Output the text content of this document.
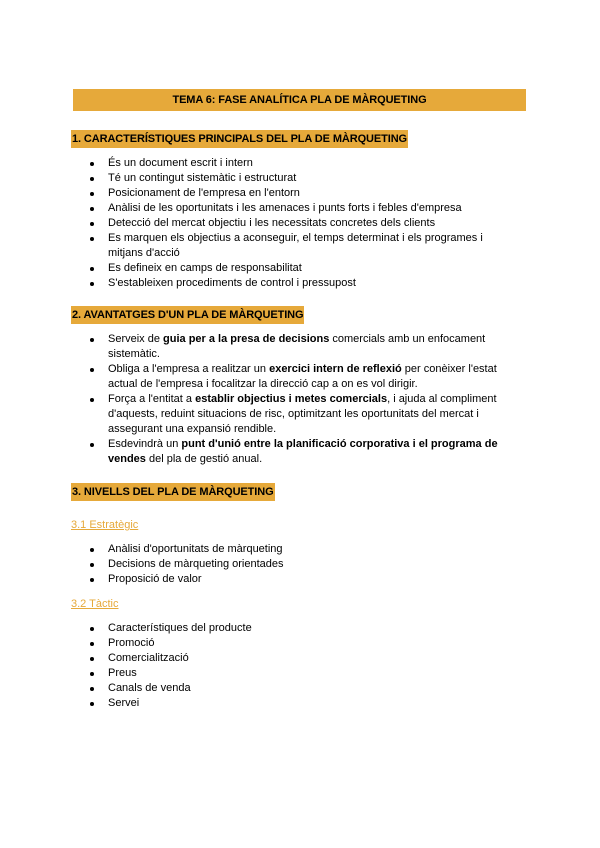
TEMA 6: FASE ANALÍTICA PLA DE MÀRQUETING
1. CARACTERÍSTIQUES PRINCIPALS DEL PLA DE MÀRQUETING
És un document escrit i intern
Té un contingut sistemàtic i estructurat
Posicionament de l'empresa en l'entorn
Anàlisi de les oportunitats i les amenaces i punts forts i febles d'empresa
Detecció del mercat objectiu i les necessitats concretes dels clients
Es marquen els objectius a aconseguir, el temps determinat i els programes i mitjans d'acció
Es defineix en camps de responsabilitat
S'estableixen procediments de control i pressupost
2. AVANTATGES D'UN PLA DE MÀRQUETING
Serveix de guia per a la presa de decisions comercials amb un enfocament sistemàtic.
Obliga a l'empresa a realitzar un exercici intern de reflexió per conèixer l'estat actual de l'empresa i focalitzar la direcció cap a on es vol dirigir.
Força a l'entitat a establir objectius i metes comercials, i ajuda al compliment d'aquests, reduint situacions de risc, optimitzant les oportunitats del mercat i assegurant una expansió rendible.
Esdevindrà un punt d'unió entre la planificació corporativa i el programa de vendes del pla de gestió anual.
3. NIVELLS DEL PLA DE MÀRQUETING
3.1 Estratègic
Anàlisi d'oportunitats de màrqueting
Decisions de màrqueting orientades
Proposició de valor
3.2 Tàctic
Característiques del producte
Promoció
Comercialització
Preus
Canals de venda
Servei
